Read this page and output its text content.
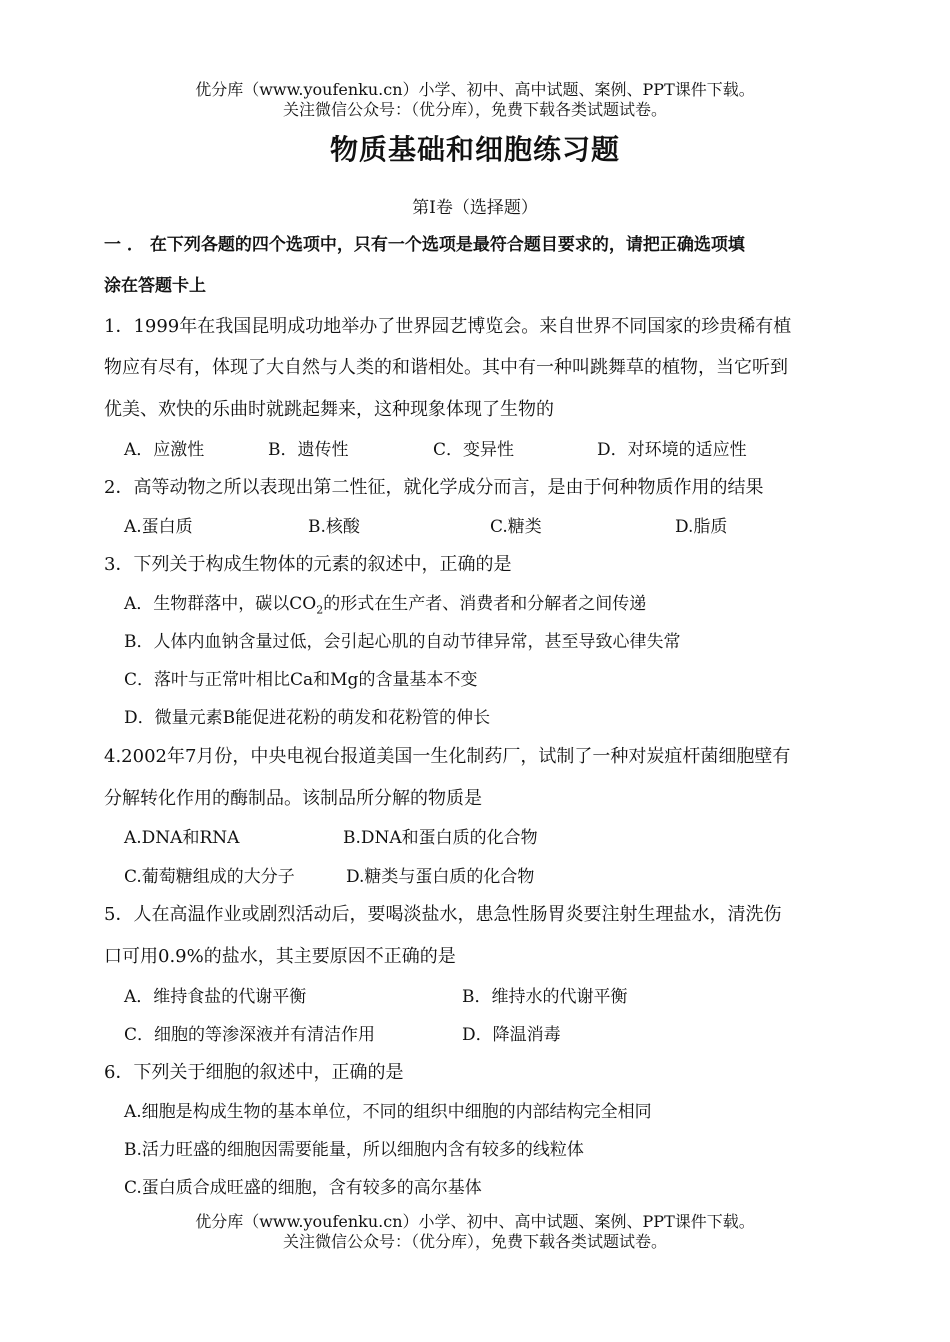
优分库（www.youfenku.cn）小学、初中、高中试题、案例、PPT课件下载。
关注微信公众号：（优分库），免费下载各类试题试卷。
物质基础和细胞练习题
第Ⅰ卷（选择题）
一 ． 在下列各题的四个选项中，只有一个选项是最符合题目要求的，请把正确选项填
涂在答题卡上
1．1999年在我国昆明成功地举办了世界园艺博览会。来自世界不同国家的珍贵稀有植
物应有尽有，体现了大自然与人类的和谐相处。其中有一种叫跳舞草的植物，当它听到
优美、欢快的乐曲时就跳起舞来，这种现象体现了生物的
A．应激性	B．遗传性	C．变异性	D．对环境的适应性
2．高等动物之所以表现出第二性征，就化学成分而言，是由于何种物质作用的结果
A.蛋白质	B.核酸	C.糖类	D.脂质
3．下列关于构成生物体的元素的叙述中，正确的是
A．生物群落中，碳以$CO_2$的形式在生产者、消费者和分解者之间传递
B．人体内血钠含量过低，会引起心肌的自动节律异常，甚至导致心律失常
C．落叶与正常叶相比Ca和Mg的含量基本不变
D．微量元素B能促进花粉的萌发和花粉管的伸长
4.2002年7月份，中央电视台报道美国一生化制药厂，试制了一种对炭疽杆菌细胞壁有
分解转化作用的酶制品。该制品所分解的物质是
A.DNA和RNA	B.DNA和蛋白质的化合物
C.葡萄糖组成的大分子	D.糖类与蛋白质的化合物
5．人在高温作业或剧烈活动后，要喝淡盐水，患急性肠胃炎要注射生理盐水，清洗伤
口可用0.9%的盐水，其主要原因不正确的是
A．维持食盐的代谢平衡	B．维持水的代谢平衡
C．细胞的等渗深液并有清洁作用	D．降温消毒
6．下列关于细胞的叙述中，正确的是
A.细胞是构成生物的基本单位，不同的组织中细胞的内部结构完全相同
B.活力旺盛的细胞因需要能量，所以细胞内含有较多的线粒体
C.蛋白质合成旺盛的细胞，含有较多的高尔基体
优分库（www.youfenku.cn）小学、初中、高中试题、案例、PPT课件下载。
关注微信公众号：（优分库），免费下载各类试题试卷。
